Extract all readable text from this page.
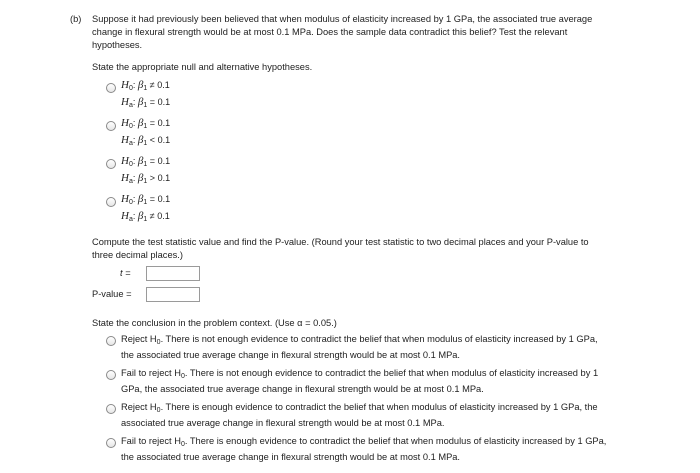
(b) Suppose it had previously been believed that when modulus of elasticity increased by 1 GPa, the associated true average
change in flexural strength would be at most 0.1 MPa. Does the sample data contradict this belief? Test the relevant
hypotheses.
State the appropriate null and alternative hypotheses.
$H_0$: $\beta_1 \ne 0.1$
$H_a$: $\beta_1 = 0.1$
$H_0$: $\beta_1 = 0.1$
$H_a$: $\beta_1 < 0.1$
$H_0$: $\beta_1 = 0.1$
$H_a$: $\beta_1 > 0.1$
$H_0$: $\beta_1 = 0.1$
$H_a$: $\beta_1 \ne 0.1$
Compute the test statistic value and find the P-value. (Round your test statistic to two decimal places and your P-value to
three decimal places.)
t =
P-value =
State the conclusion in the problem context. (Use α = 0.05.)
Reject $H_0$. There is not enough evidence to contradict the belief that when modulus of elasticity increased by 1 GPa,
the associated true average change in flexural strength would be at most 0.1 MPa.
Fail to reject $H_0$. There is not enough evidence to contradict the belief that when modulus of elasticity increased by 1
GPa, the associated true average change in flexural strength would be at most 0.1 MPa.
Reject $H_0$. There is enough evidence to contradict the belief that when modulus of elasticity increased by 1 GPa, the
associated true average change in flexural strength would be at most 0.1 MPa.
Fail to reject $H_0$. There is enough evidence to contradict the belief that when modulus of elasticity increased by 1 GPa,
the associated true average change in flexural strength would be at most 0.1 MPa.
